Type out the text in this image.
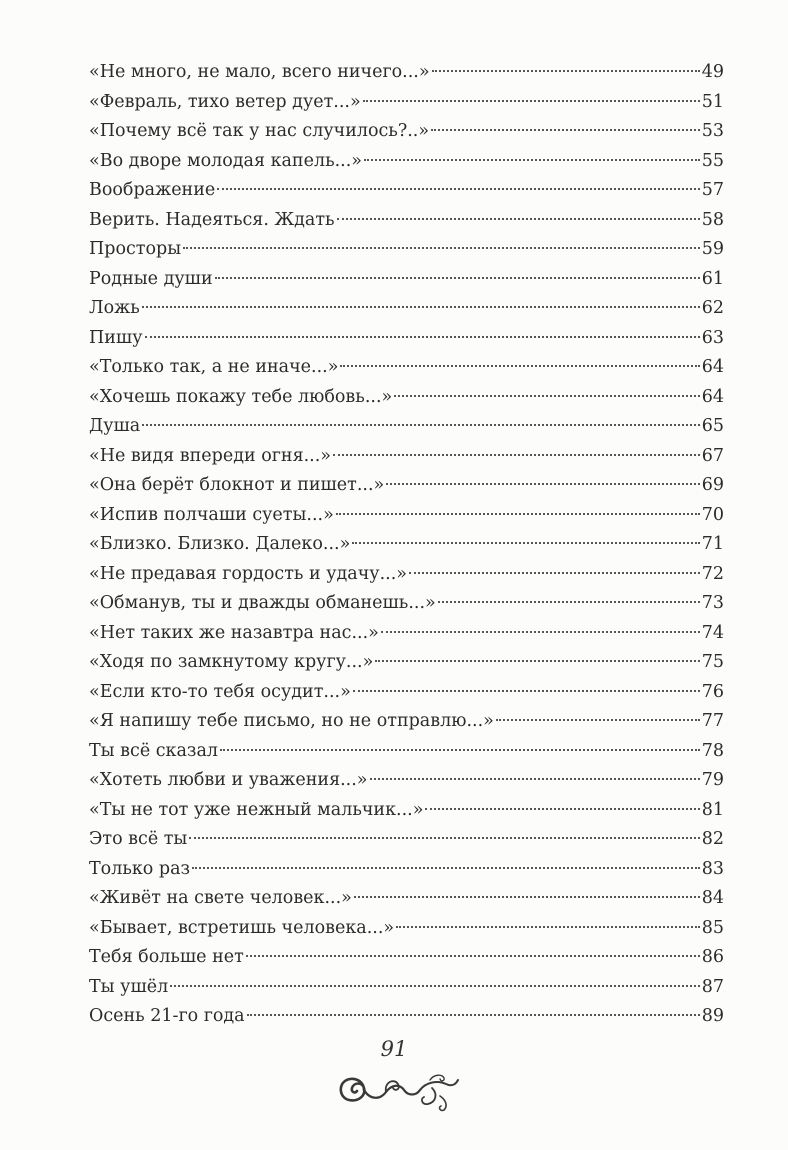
«Не много, не мало, всего ничего...»	49
«Февраль, тихо ветер дует...»	51
«Почему всё так у нас случилось?..»	53
«Во дворе молодая капель...»	55
Воображение	57
Верить. Надеяться. Ждать	58
Просторы	59
Родные души	61
Ложь	62
Пишу	63
«Только так, а не иначе...»	64
«Хочешь покажу тебе любовь...»	64
Душа	65
«Не видя впереди огня...»	67
«Она берёт блокнот и пишет...»	69
«Испив полчаши суеты...»	70
«Близко. Близко. Далеко...»	71
«Не предавая гордость и удачу...»	72
«Обманув, ты и дважды обманешь...»	73
«Нет таких же назавтра нас...»	74
«Ходя по замкнутому кругу...»	75
«Если кто-то тебя осудит...»	76
«Я напишу тебе письмо, но не отправлю...»	77
Ты всё сказал	78
«Хотеть любви и уважения...»	79
«Ты не тот уже нежный мальчик...»	81
Это всё ты	82
Только раз	83
«Живёт на свете человек...»	84
«Бывает, встретишь человека...»	85
Тебя больше нет	86
Ты ушёл	87
Осень 21-го года	89
91
